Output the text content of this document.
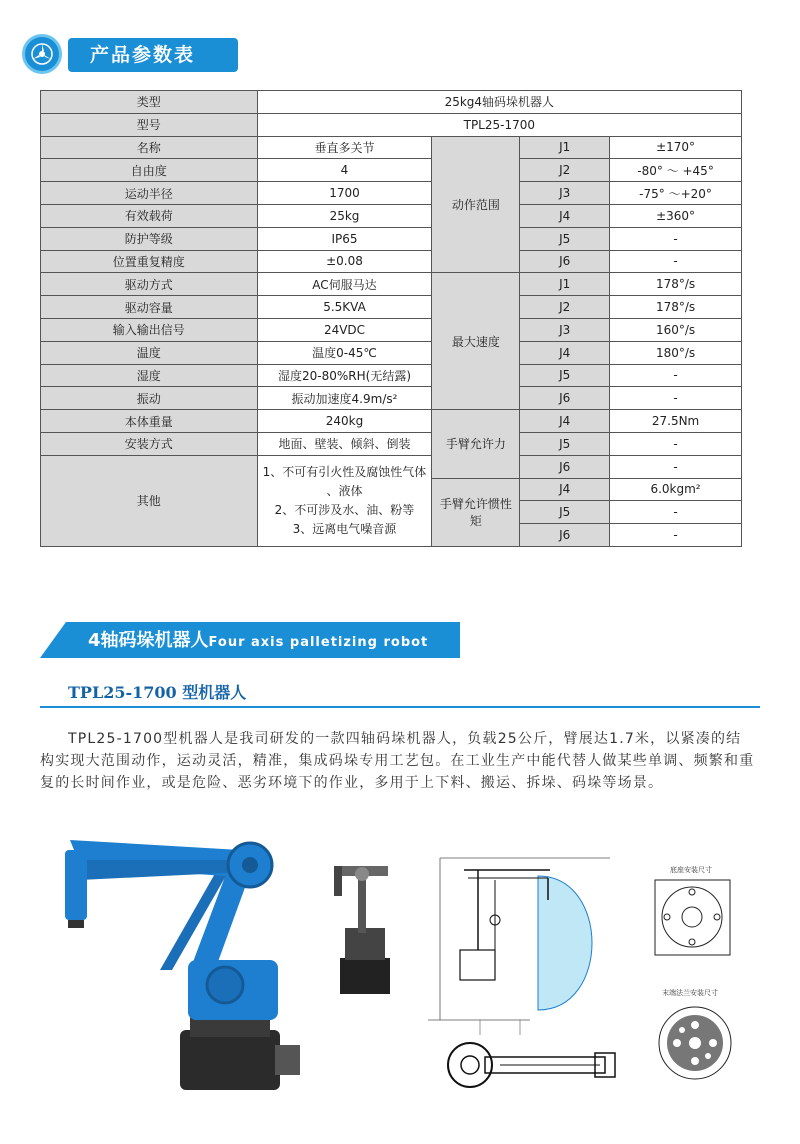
产品参数表
类型	25kg4轴码垛机器人			
型号	TPL25-1700			
名称	垂直多关节	动作范围	J1	±170°
自由度	4		J2	-80° ～ +45°
运动半径	1700		J3	-75° ～+20°
有效载荷	25kg		J4	±360°
防护等级	IP65		J5	-
位置重复精度	±0.08		J6	-
驱动方式	AC伺服马达	最大速度	J1	178°/s
驱动容量	5.5KVA		J2	178°/s
输入输出信号	24VDC		J3	160°/s
温度	温度0-45℃		J4	180°/s
湿度	湿度20-80%RH(无结露)		J5	-
振动	振动加速度4.9m/s²		J6	-
本体重量	240kg	手臂允许力	J4	27.5Nm
安装方式	地面、壁装、倾斜、倒装		J5	-
其他	1、不可有引火性及腐蚀性气体
、液体
2、不可涉及水、油、粉等
3、远离电气噪音源		J6	-

		手臂允许惯性
矩	J4	6.0kgm²
			J5	-
			J6	-
4轴码垛机器人Four axis palletizing robot
TPL25-1700 型机器人
TPL25-1700型机器人是我司研发的一款四轴码垛机器人，负载25公斤，臂展达1.7米，以紧凑的结构实现大范围动作，运动灵活，精准，集成码垛专用工艺包。在工业生产中能代替人做某些单调、频繁和重复的长时间作业，或是危险、恶劣环境下的作业，多用于上下料、搬运、拆垛、码垛等场景。
底座安装尺寸
末端法兰安装尺寸
